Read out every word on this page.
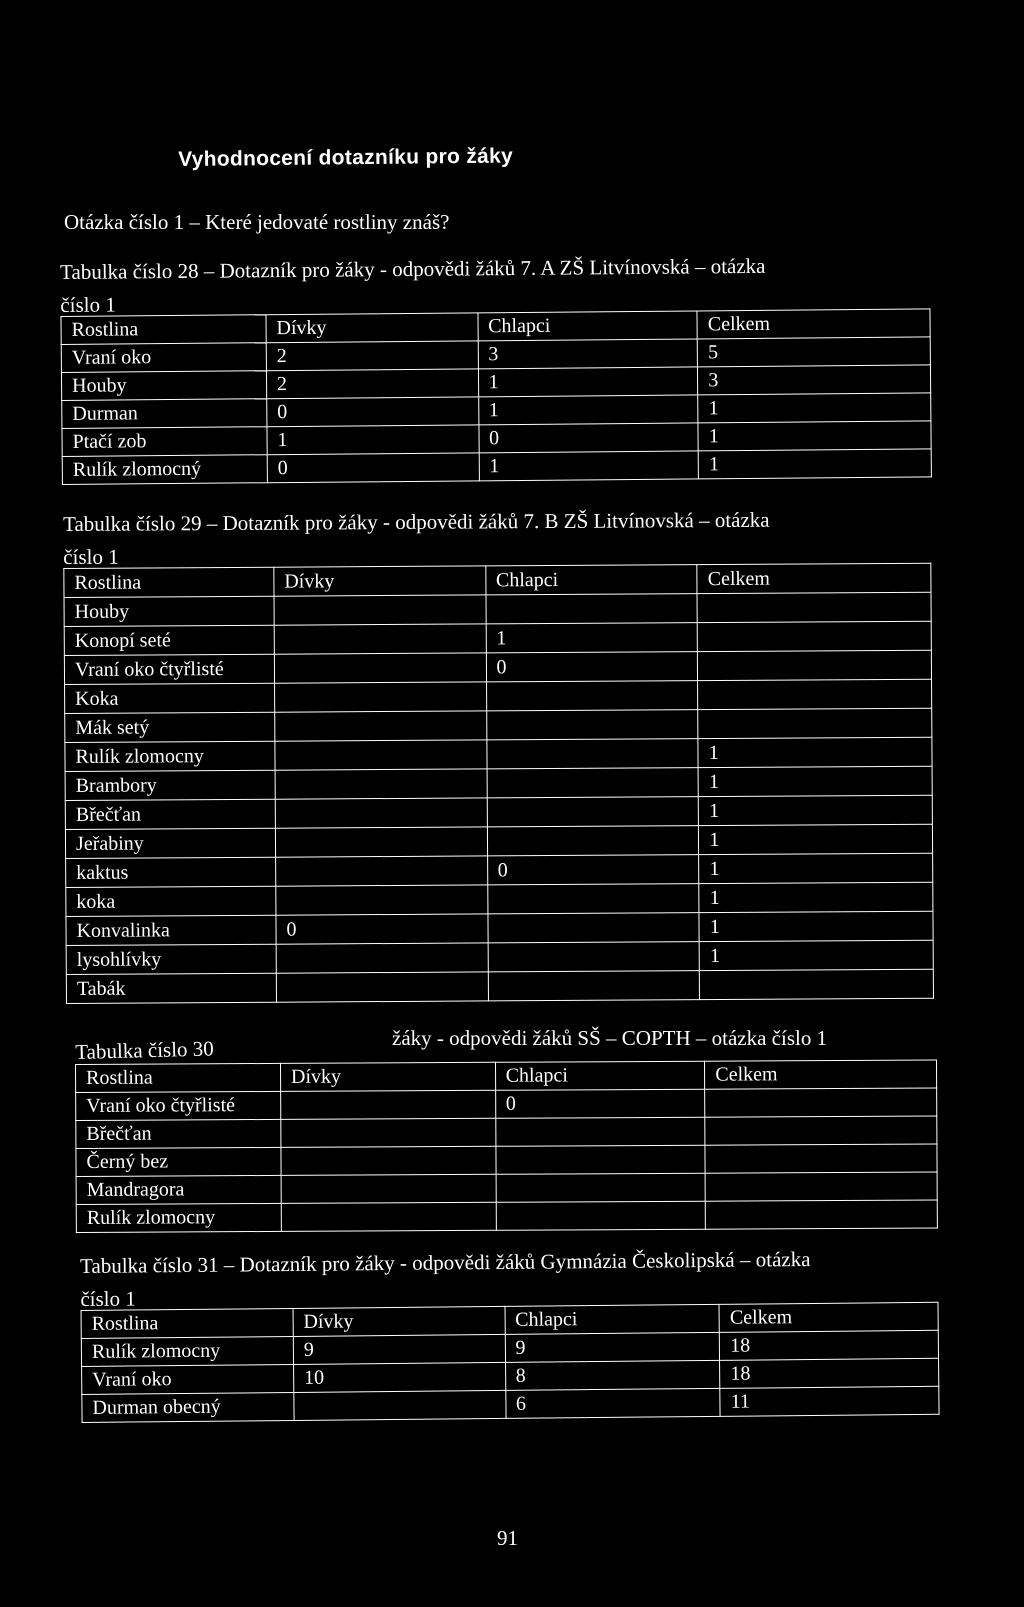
Vyhodnocení dotazníku pro žáky
Otázka číslo 1 – Které jedovaté rostliny znáš?
Tabulka číslo 28 – Dotazník pro žáky - odpovědi žáků 7. A ZŠ Litvínovská – otázka
číslo 1
Rostlina	Dívky	Chlapci	Celkem
Vraní oko	2	3	5
Houby	2	1	3
Durman	0	1	1
Ptačí zob	1	0	1
Rulík zlomocný	0	1	1
Tabulka číslo 29 – Dotazník pro žáky - odpovědi žáků 7. B ZŠ Litvínovská – otázka
číslo 1
Rostlina	Dívky	Chlapci	Celkem
Houby			
Konopí seté		1	
Vraní oko čtyřlisté		0	
Koka			
Mák setý			
Rulík zlomocny			1
Brambory			1
Břečťan			1
Jeřabiny			1
kaktus		0	1
koka			1
Konvalinka	0		1
lysohlívky			1
Tabák			
Tabulka číslo 30	žáky - odpovědi žáků SŠ – COPTH – otázka číslo 1
Rostlina	Dívky	Chlapci	Celkem
Vraní oko čtyřlisté		0	
Břečťan			
Černý bez			
Mandragora			
Rulík zlomocny			
Tabulka číslo 31 – Dotazník pro žáky - odpovědi žáků Gymnázia Českolipská – otázka
číslo 1
Rostlina	Dívky	Chlapci	Celkem
Rulík zlomocny	9	9	18
Vraní oko	10	8	18
Durman obecný		6	11
91
